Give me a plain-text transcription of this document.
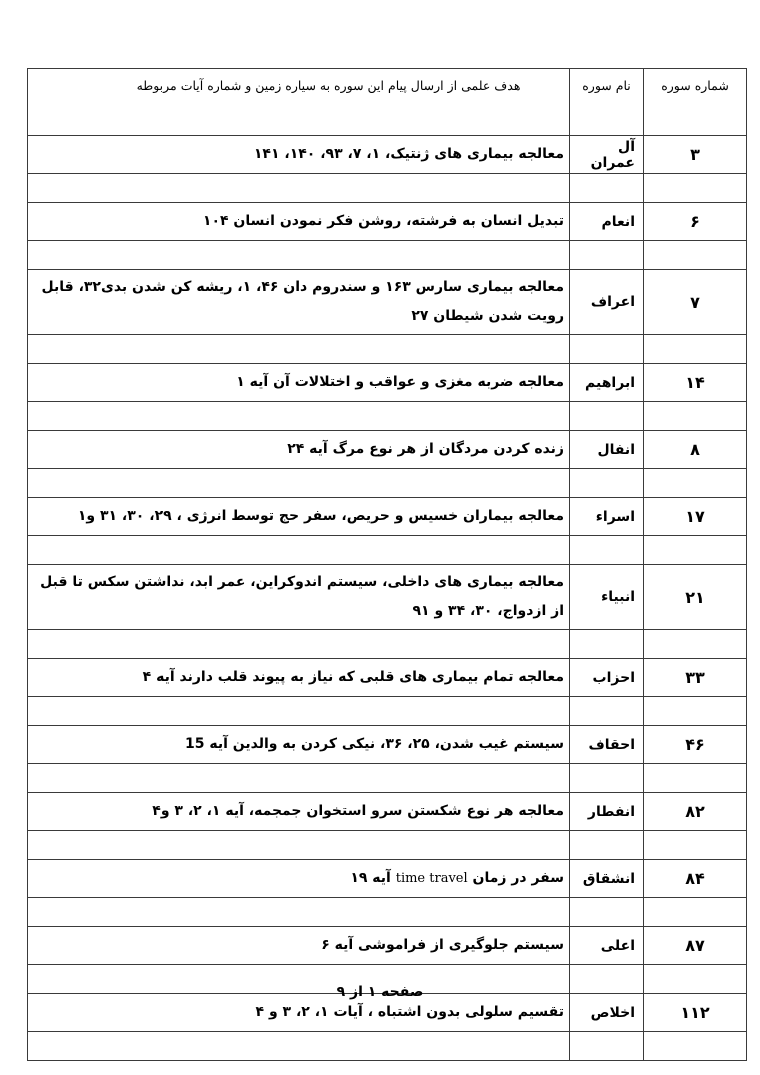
شماره سوره	نام سوره	هدف علمی از ارسال پیام این سوره به سیاره زمین و شماره آیات مربوطه
۳	آل عمران	معالجه بیماری های ژنتیک، ۱، ۷، ۹۳، ۱۴۰، ۱۴۱

۶	انعام	تبدیل انسان به فرشته، روشن فکر نمودن انسان ۱۰۴

۷	اعراف	معالجه بیماری سارس ۱۶۳ و سندروم دان ۴۶، ۱، ریشه کن شدن بدی۳۲، قابل رویت شدن شیطان ۲۷

۱۴	ابراهیم	معالجه ضربه مغزی و عواقب و اختلالات آن آیه ۱

۸	انفال	زنده کردن مردگان از هر نوع مرگ آیه ۲۴

۱۷	اسراء	معالجه بیماران خسیس و حریص، سفر حج توسط انرژی ، ۲۹، ۳۰، ۳۱ و۱

۲۱	انبیاء	معالجه بیماری های داخلی، سیستم اندوکراین، عمر ابد، نداشتن سکس تا قبل از ازدواج، ۳۰، ۳۴ و ۹۱

۳۳	احزاب	معالجه تمام بیماری های قلبی که نیاز به پیوند قلب دارند آیه ۴

۴۶	احقاف	سیستم غیب شدن، ۲۵، ۳۶، نیکی کردن به والدین آیه 15

۸۲	انفطار	معالجه هر نوع شکستن سرو استخوان جمجمه، آیه ۱، ۲، ۳ و۴

۸۴	انشقاق	سفر در زمان time travel آیه ۱۹

۸۷	اعلی	سیستم جلوگیری از فراموشی آیه ۶

۱۱۲	اخلاص	تقسیم سلولی بدون اشتباه ، آیات ۱، ۲، ۳ و ۴

صفحه ۱ از ۹
